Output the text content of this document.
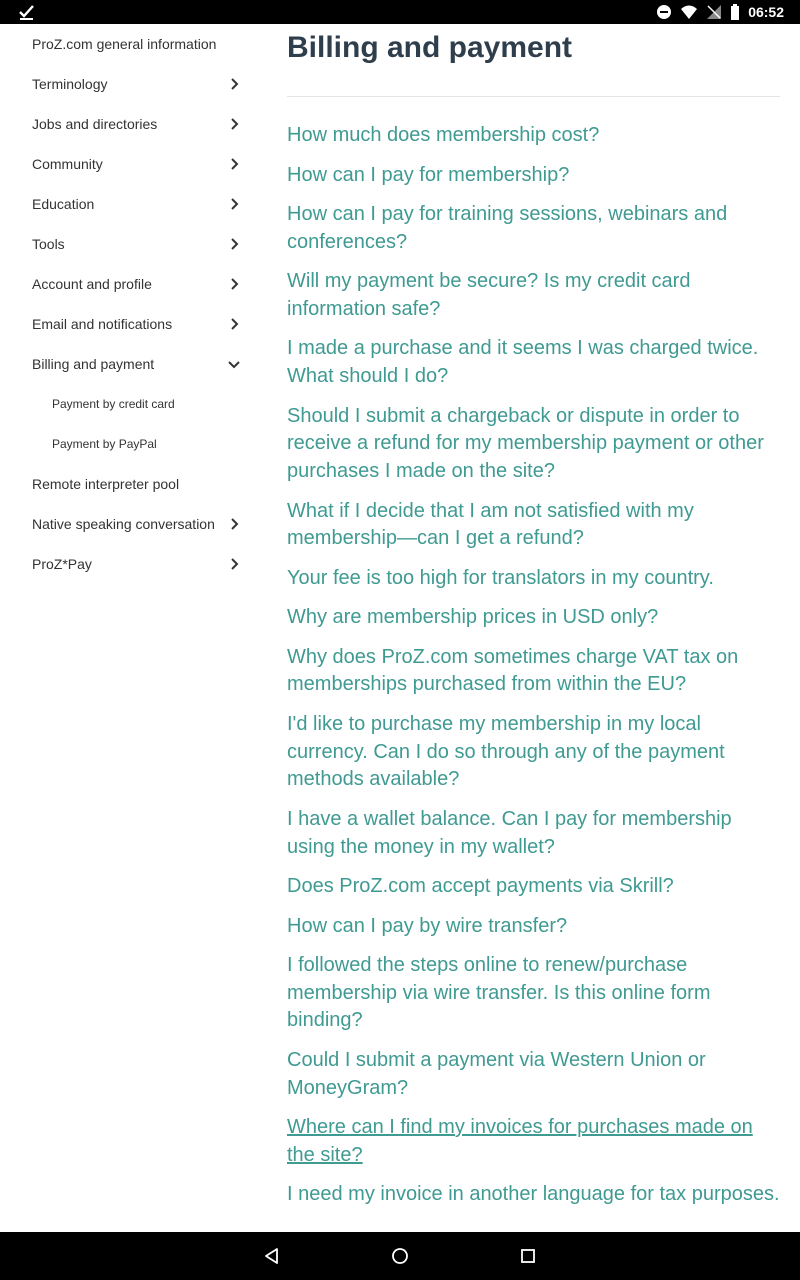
06:52
ProZ.com general information
Terminology
Jobs and directories
Community
Education
Tools
Account and profile
Email and notifications
Billing and payment
Payment by credit card
Payment by PayPal
Remote interpreter pool
Native speaking conversation
ProZ*Pay
Billing and payment
How much does membership cost?
How can I pay for membership?
How can I pay for training sessions, webinars and conferences?
Will my payment be secure? Is my credit card information safe?
I made a purchase and it seems I was charged twice. What should I do?
Should I submit a chargeback or dispute in order to receive a refund for my membership payment or other purchases I made on the site?
What if I decide that I am not satisfied with my membership—can I get a refund?
Your fee is too high for translators in my country.
Why are membership prices in USD only?
Why does ProZ.com sometimes charge VAT tax on memberships purchased from within the EU?
I'd like to purchase my membership in my local currency. Can I do so through any of the payment methods available?
I have a wallet balance. Can I pay for membership using the money in my wallet?
Does ProZ.com accept payments via Skrill?
How can I pay by wire transfer?
I followed the steps online to renew/purchase membership via wire transfer. Is this online form binding?
Could I submit a payment via Western Union or MoneyGram?
Where can I find my invoices for purchases made on the site?
I need my invoice in another language for tax purposes.
